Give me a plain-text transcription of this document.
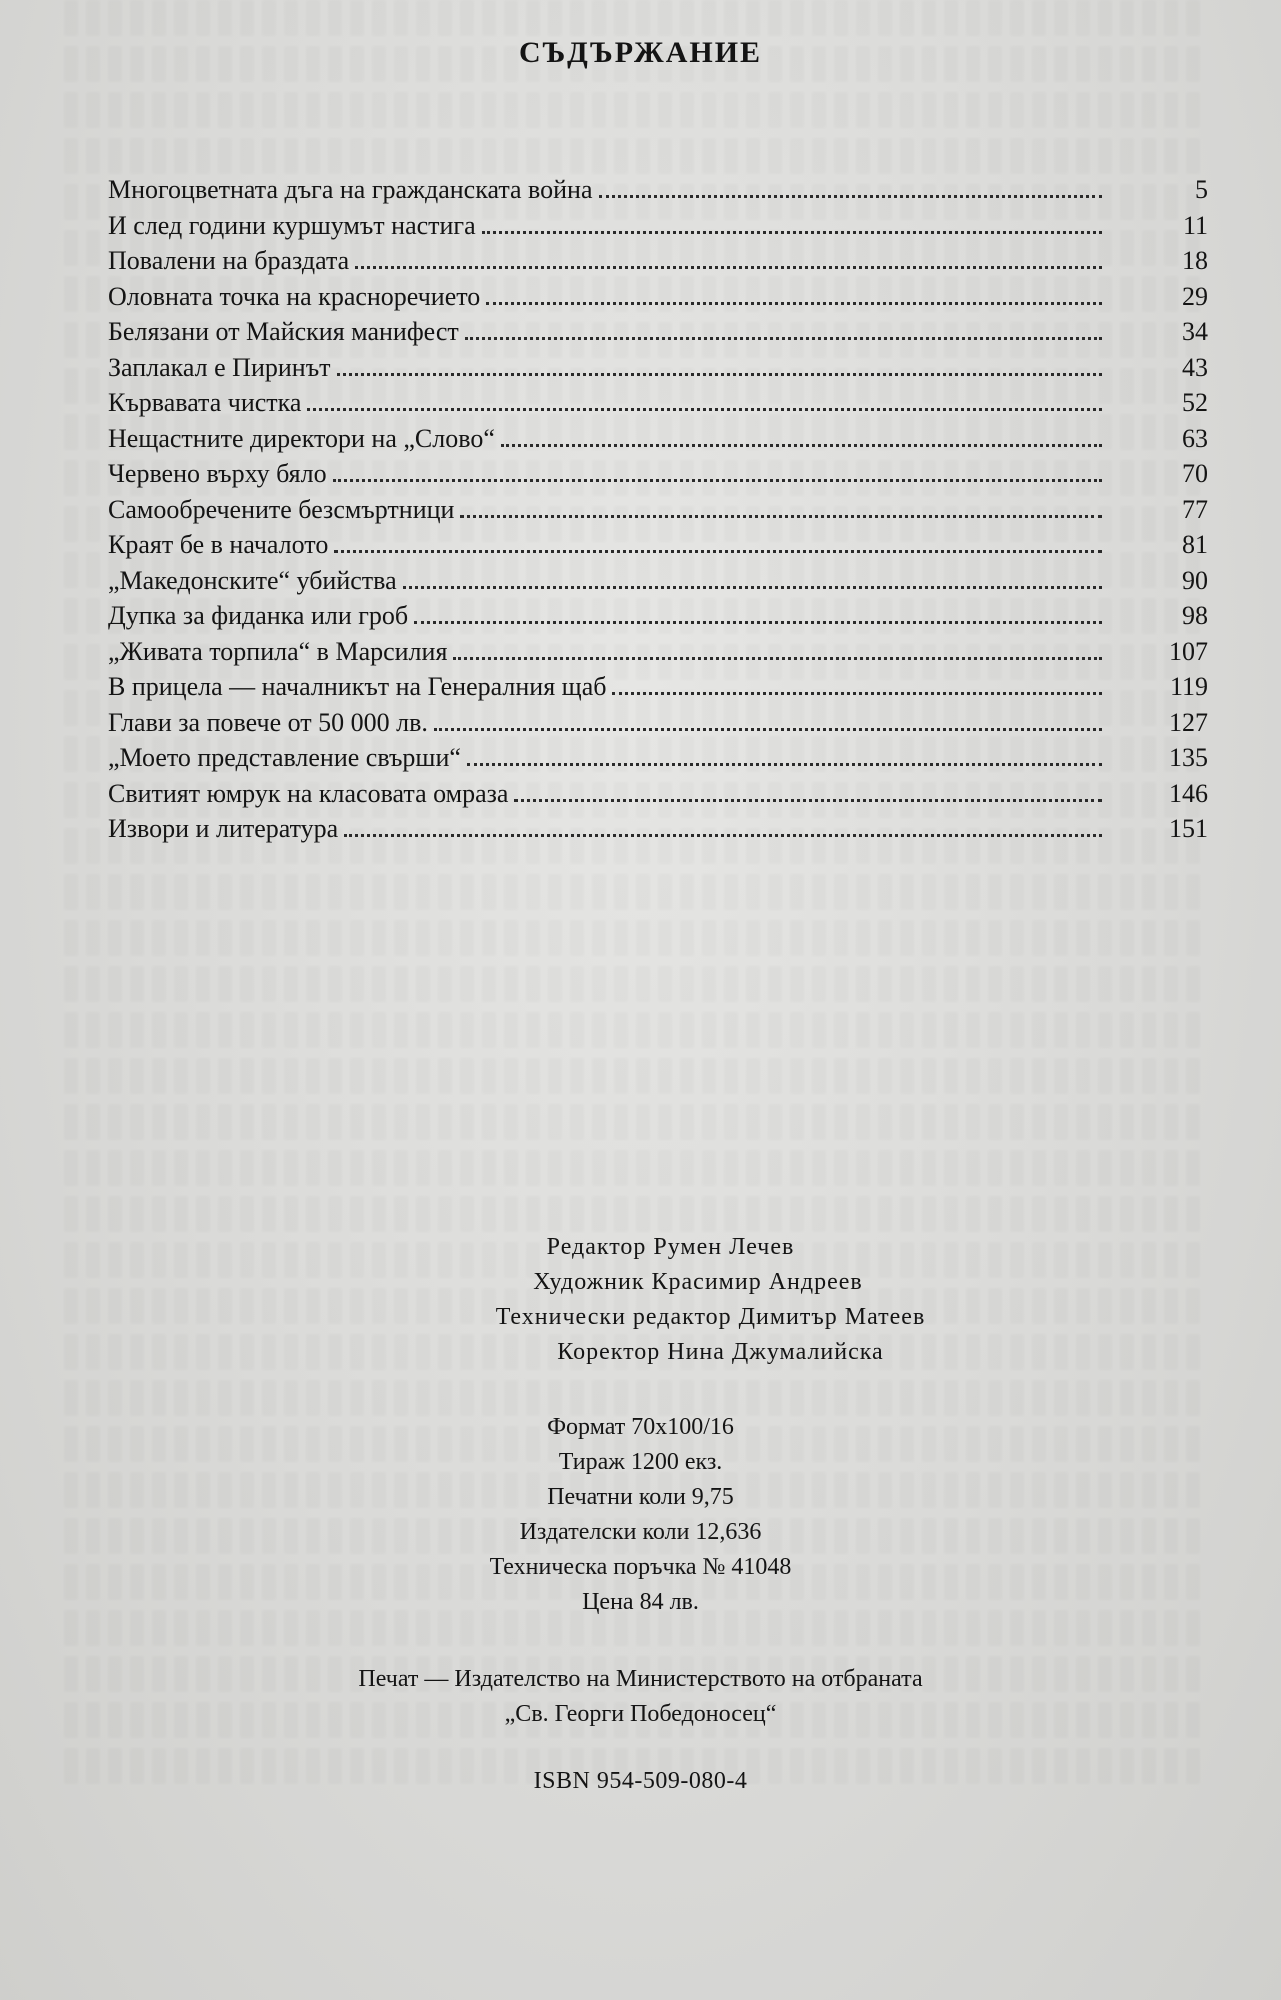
СЪДЪРЖАНИЕ
Многоцветната дъга на гражданската война	5
И след години куршумът настига	11
Повалени на браздата	18
Оловната точка на красноречието	29
Белязани от Майския манифест	34
Заплакал е Пиринът	43
Кървавата чистка	52
Нещастните директори на „Слово“	63
Червено върху бяло	70
Самообречените безсмъртници	77
Краят бе в началото	81
„Македонските“ убийства	90
Дупка за фиданка или гроб	98
„Живата торпила“ в Марсилия	107
В прицела — началникът на Генералния щаб	119
Глави за повече от 50 000 лв.	127
„Моето представление свърши“	135
Свитият юмрук на класовата омраза	146
Извори и литература	151
Редактор Румен Лечев
Художник Красимир Андреев
Технически редактор Димитър Матеев
Коректор Нина Джумалийска
Формат 70x100/16
Тираж 1200 екз.
Печатни коли 9,75
Издателски коли 12,636
Техническа поръчка № 41048
Цена 84 лв.
Печат — Издателство на Министерството на отбраната
„Св. Георги Победоносец“
ISBN 954-509-080-4
